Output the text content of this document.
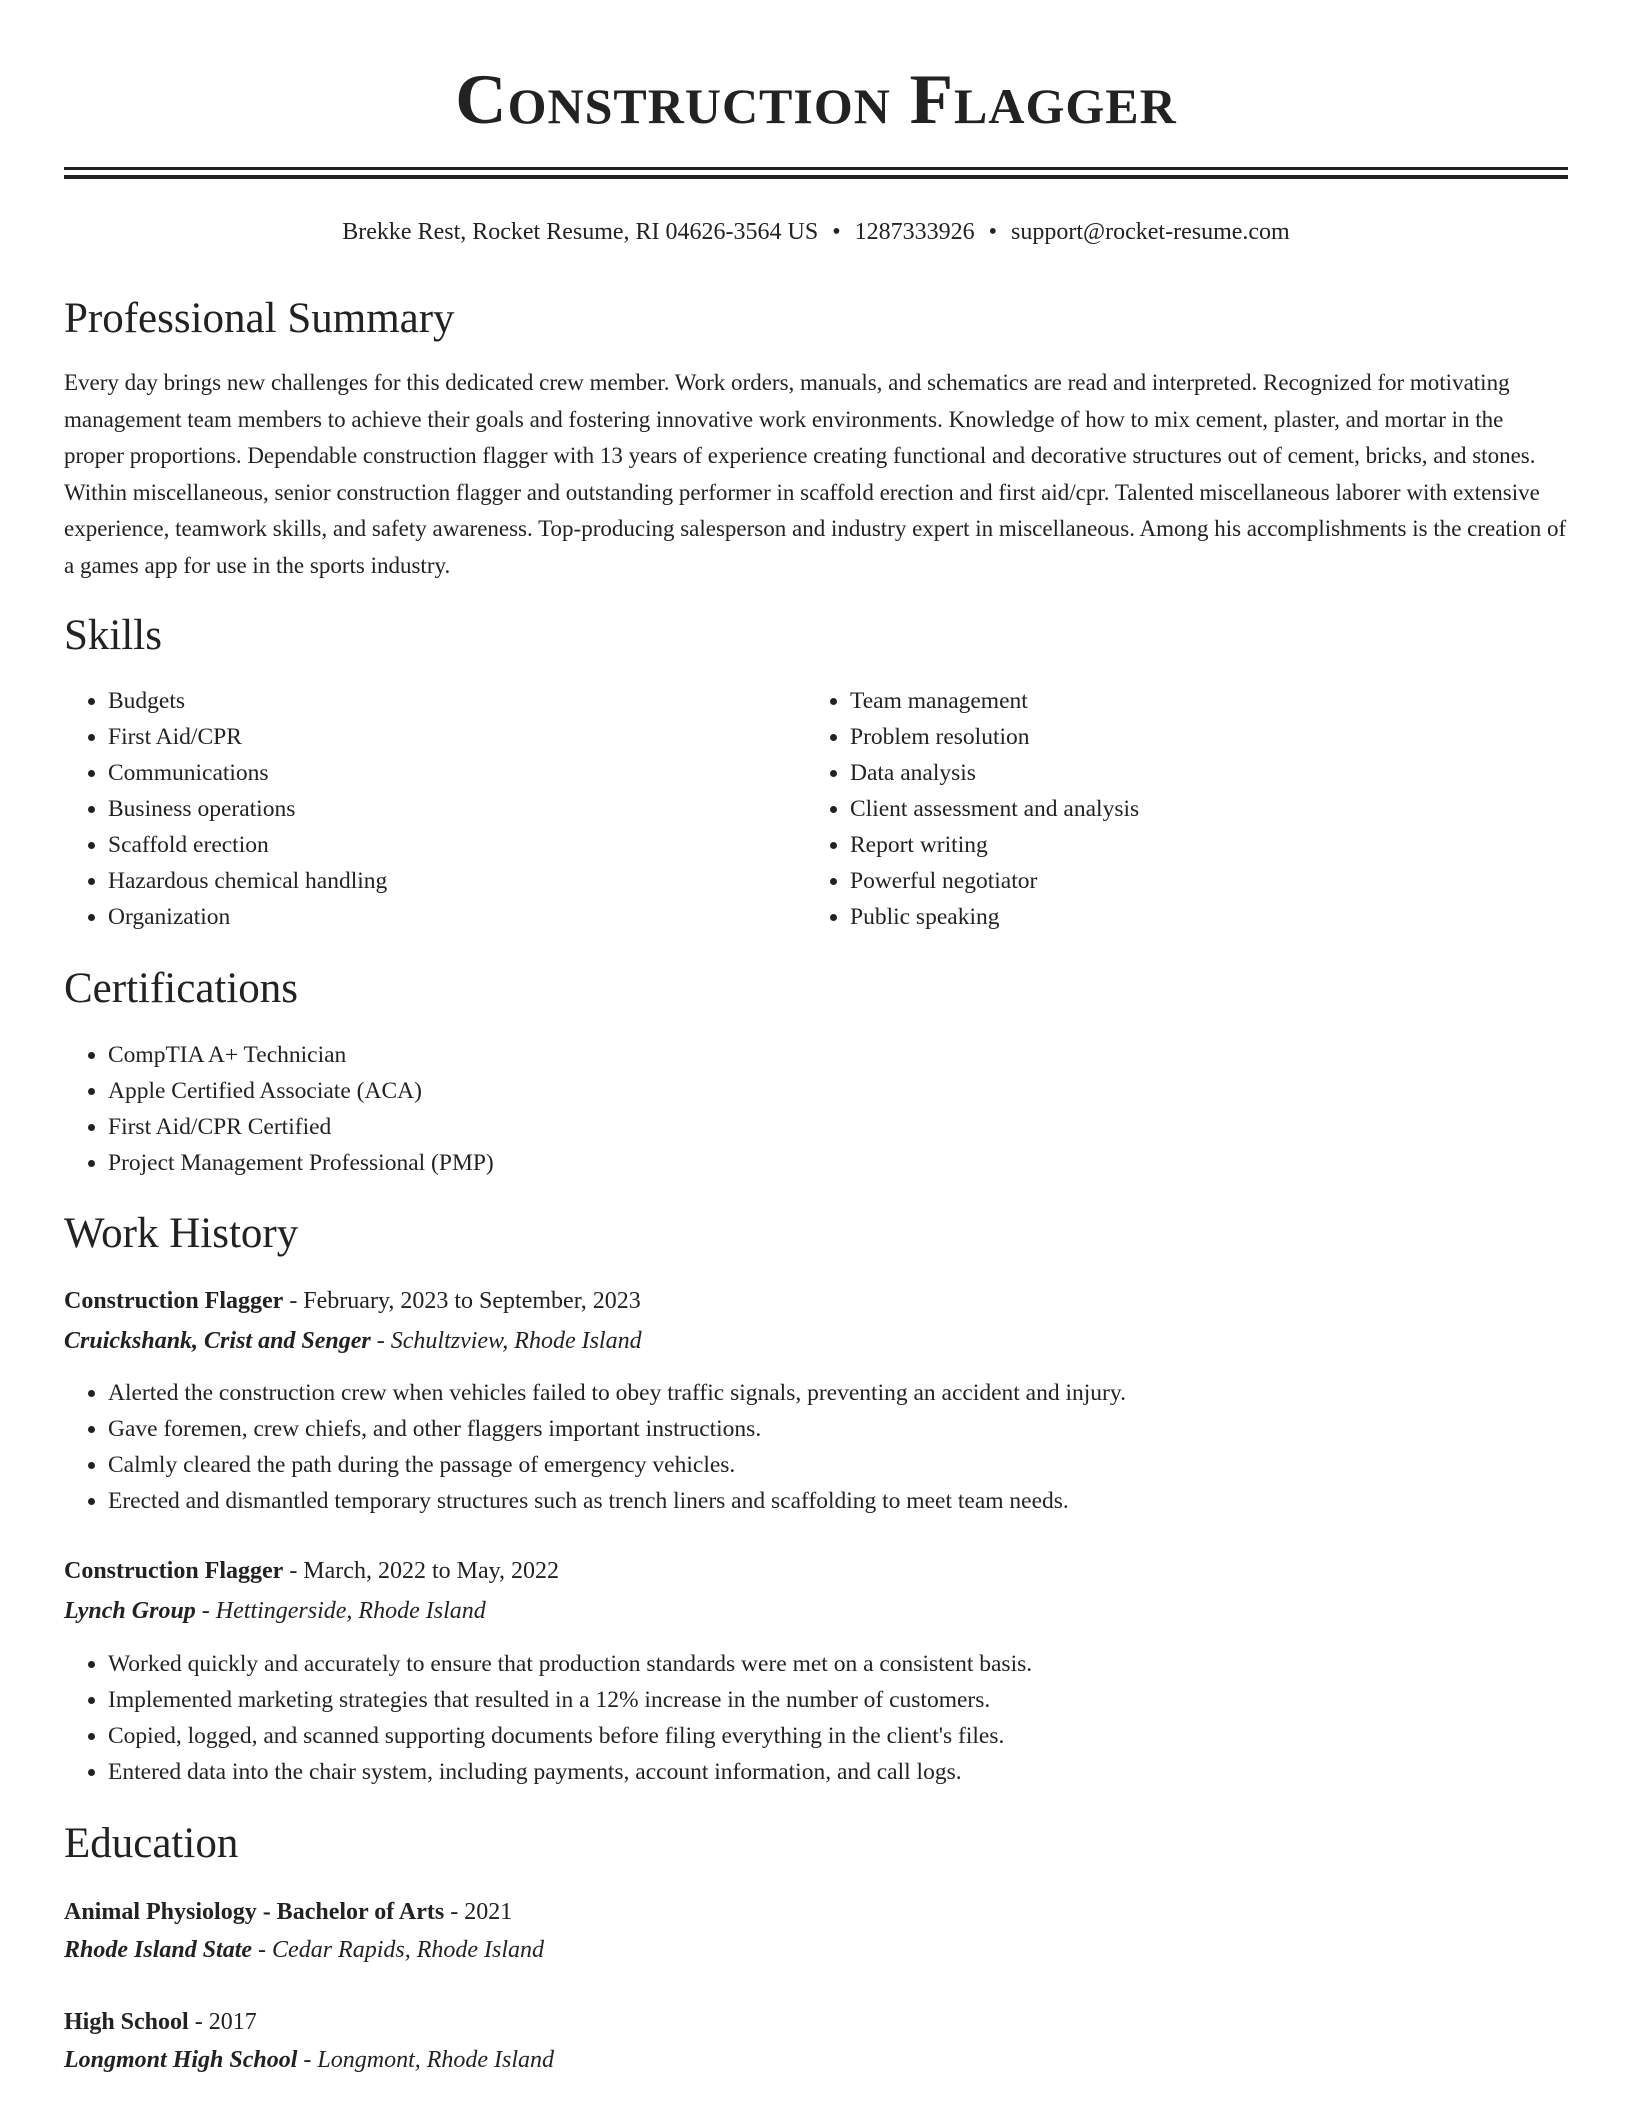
Construction Flagger
Brekke Rest, Rocket Resume, RI 04626-3564 US • 1287333926 • support@rocket-resume.com
Professional Summary

Every day brings new challenges for this dedicated crew member. Work orders, manuals, and schematics are read and interpreted. Recognized for motivating management team members to achieve their goals and fostering innovative work environments. Knowledge of how to mix cement, plaster, and mortar in the proper proportions. Dependable construction flagger with 13 years of experience creating functional and decorative structures out of cement, bricks, and stones. Within miscellaneous, senior construction flagger and outstanding performer in scaffold erection and first aid/cpr. Talented miscellaneous laborer with extensive experience, teamwork skills, and safety awareness. Top-producing salesperson and industry expert in miscellaneous. Among his accomplishments is the creation of a games app for use in the sports industry.

Skills
• Budgets
• First Aid/CPR
• Communications
• Business operations
• Scaffold erection
• Hazardous chemical handling
• Organization
• Team management
• Problem resolution
• Data analysis
• Client assessment and analysis
• Report writing
• Powerful negotiator
• Public speaking
Certifications
• CompTIA A+ Technician
• Apple Certified Associate (ACA)
• First Aid/CPR Certified
• Project Management Professional (PMP)
Work History
Construction Flagger - February, 2023 to September, 2023
Cruickshank, Crist and Senger - Schultzview, Rhode Island
• Alerted the construction crew when vehicles failed to obey traffic signals, preventing an accident and injury.
• Gave foremen, crew chiefs, and other flaggers important instructions.
• Calmly cleared the path during the passage of emergency vehicles.
• Erected and dismantled temporary structures such as trench liners and scaffolding to meet team needs.
Construction Flagger - March, 2022 to May, 2022
Lynch Group - Hettingerside, Rhode Island
• Worked quickly and accurately to ensure that production standards were met on a consistent basis.
• Implemented marketing strategies that resulted in a 12% increase in the number of customers.
• Copied, logged, and scanned supporting documents before filing everything in the client's files.
• Entered data into the chair system, including payments, account information, and call logs.
Education
Animal Physiology - Bachelor of Arts - 2021
Rhode Island State - Cedar Rapids, Rhode Island
High School - 2017
Longmont High School - Longmont, Rhode Island
